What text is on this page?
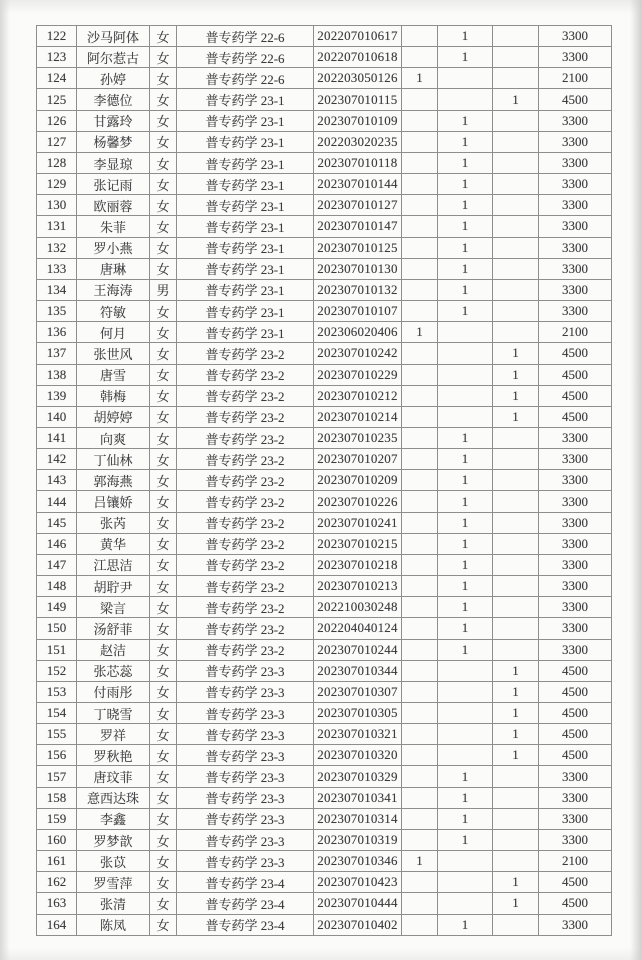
122	沙马阿体	女	普专药学 22-6	202207010617		1		3300
123	阿尔惹古	女	普专药学 22-6	202207010618		1		3300
124	孙婷	女	普专药学 22-6	202203050126	1			2100
125	李德位	女	普专药学 23-1	202307010115			1	4500
126	甘露玲	女	普专药学 23-1	202307010109		1		3300
127	杨馨梦	女	普专药学 23-1	202203020235		1		3300
128	李显琼	女	普专药学 23-1	202307010118		1		3300
129	张记雨	女	普专药学 23-1	202307010144		1		3300
130	欧丽蓉	女	普专药学 23-1	202307010127		1		3300
131	朱菲	女	普专药学 23-1	202307010147		1		3300
132	罗小燕	女	普专药学 23-1	202307010125		1		3300
133	唐琳	女	普专药学 23-1	202307010130		1		3300
134	王海涛	男	普专药学 23-1	202307010132		1		3300
135	符敏	女	普专药学 23-1	202307010107		1		3300
136	何月	女	普专药学 23-1	202306020406	1			2100
137	张世风	女	普专药学 23-2	202307010242			1	4500
138	唐雪	女	普专药学 23-2	202307010229			1	4500
139	韩梅	女	普专药学 23-2	202307010212			1	4500
140	胡婷婷	女	普专药学 23-2	202307010214			1	4500
141	向爽	女	普专药学 23-2	202307010235		1		3300
142	丁仙林	女	普专药学 23-2	202307010207		1		3300
143	郭海燕	女	普专药学 23-2	202307010209		1		3300
144	吕镶娇	女	普专药学 23-2	202307010226		1		3300
145	张芮	女	普专药学 23-2	202307010241		1		3300
146	黄华	女	普专药学 23-2	202307010215		1		3300
147	江思洁	女	普专药学 23-2	202307010218		1		3300
148	胡聍尹	女	普专药学 23-2	202307010213		1		3300
149	梁言	女	普专药学 23-2	202210030248		1		3300
150	汤舒菲	女	普专药学 23-2	202204040124		1		3300
151	赵洁	女	普专药学 23-2	202307010244		1		3300
152	张芯蕊	女	普专药学 23-3	202307010344			1	4500
153	付雨彤	女	普专药学 23-3	202307010307			1	4500
154	丁晓雪	女	普专药学 23-3	202307010305			1	4500
155	罗祥	女	普专药学 23-3	202307010321			1	4500
156	罗秋艳	女	普专药学 23-3	202307010320			1	4500
157	唐玟菲	女	普专药学 23-3	202307010329		1		3300
158	意西达珠	女	普专药学 23-3	202307010341		1		3300
159	李鑫	女	普专药学 23-3	202307010314		1		3300
160	罗梦歆	女	普专药学 23-3	202307010319		1		3300
161	张苡	女	普专药学 23-3	202307010346	1			2100
162	罗雪萍	女	普专药学 23-4	202307010423			1	4500
163	张清	女	普专药学 23-4	202307010444			1	4500
164	陈凤	女	普专药学 23-4	202307010402		1		3300
